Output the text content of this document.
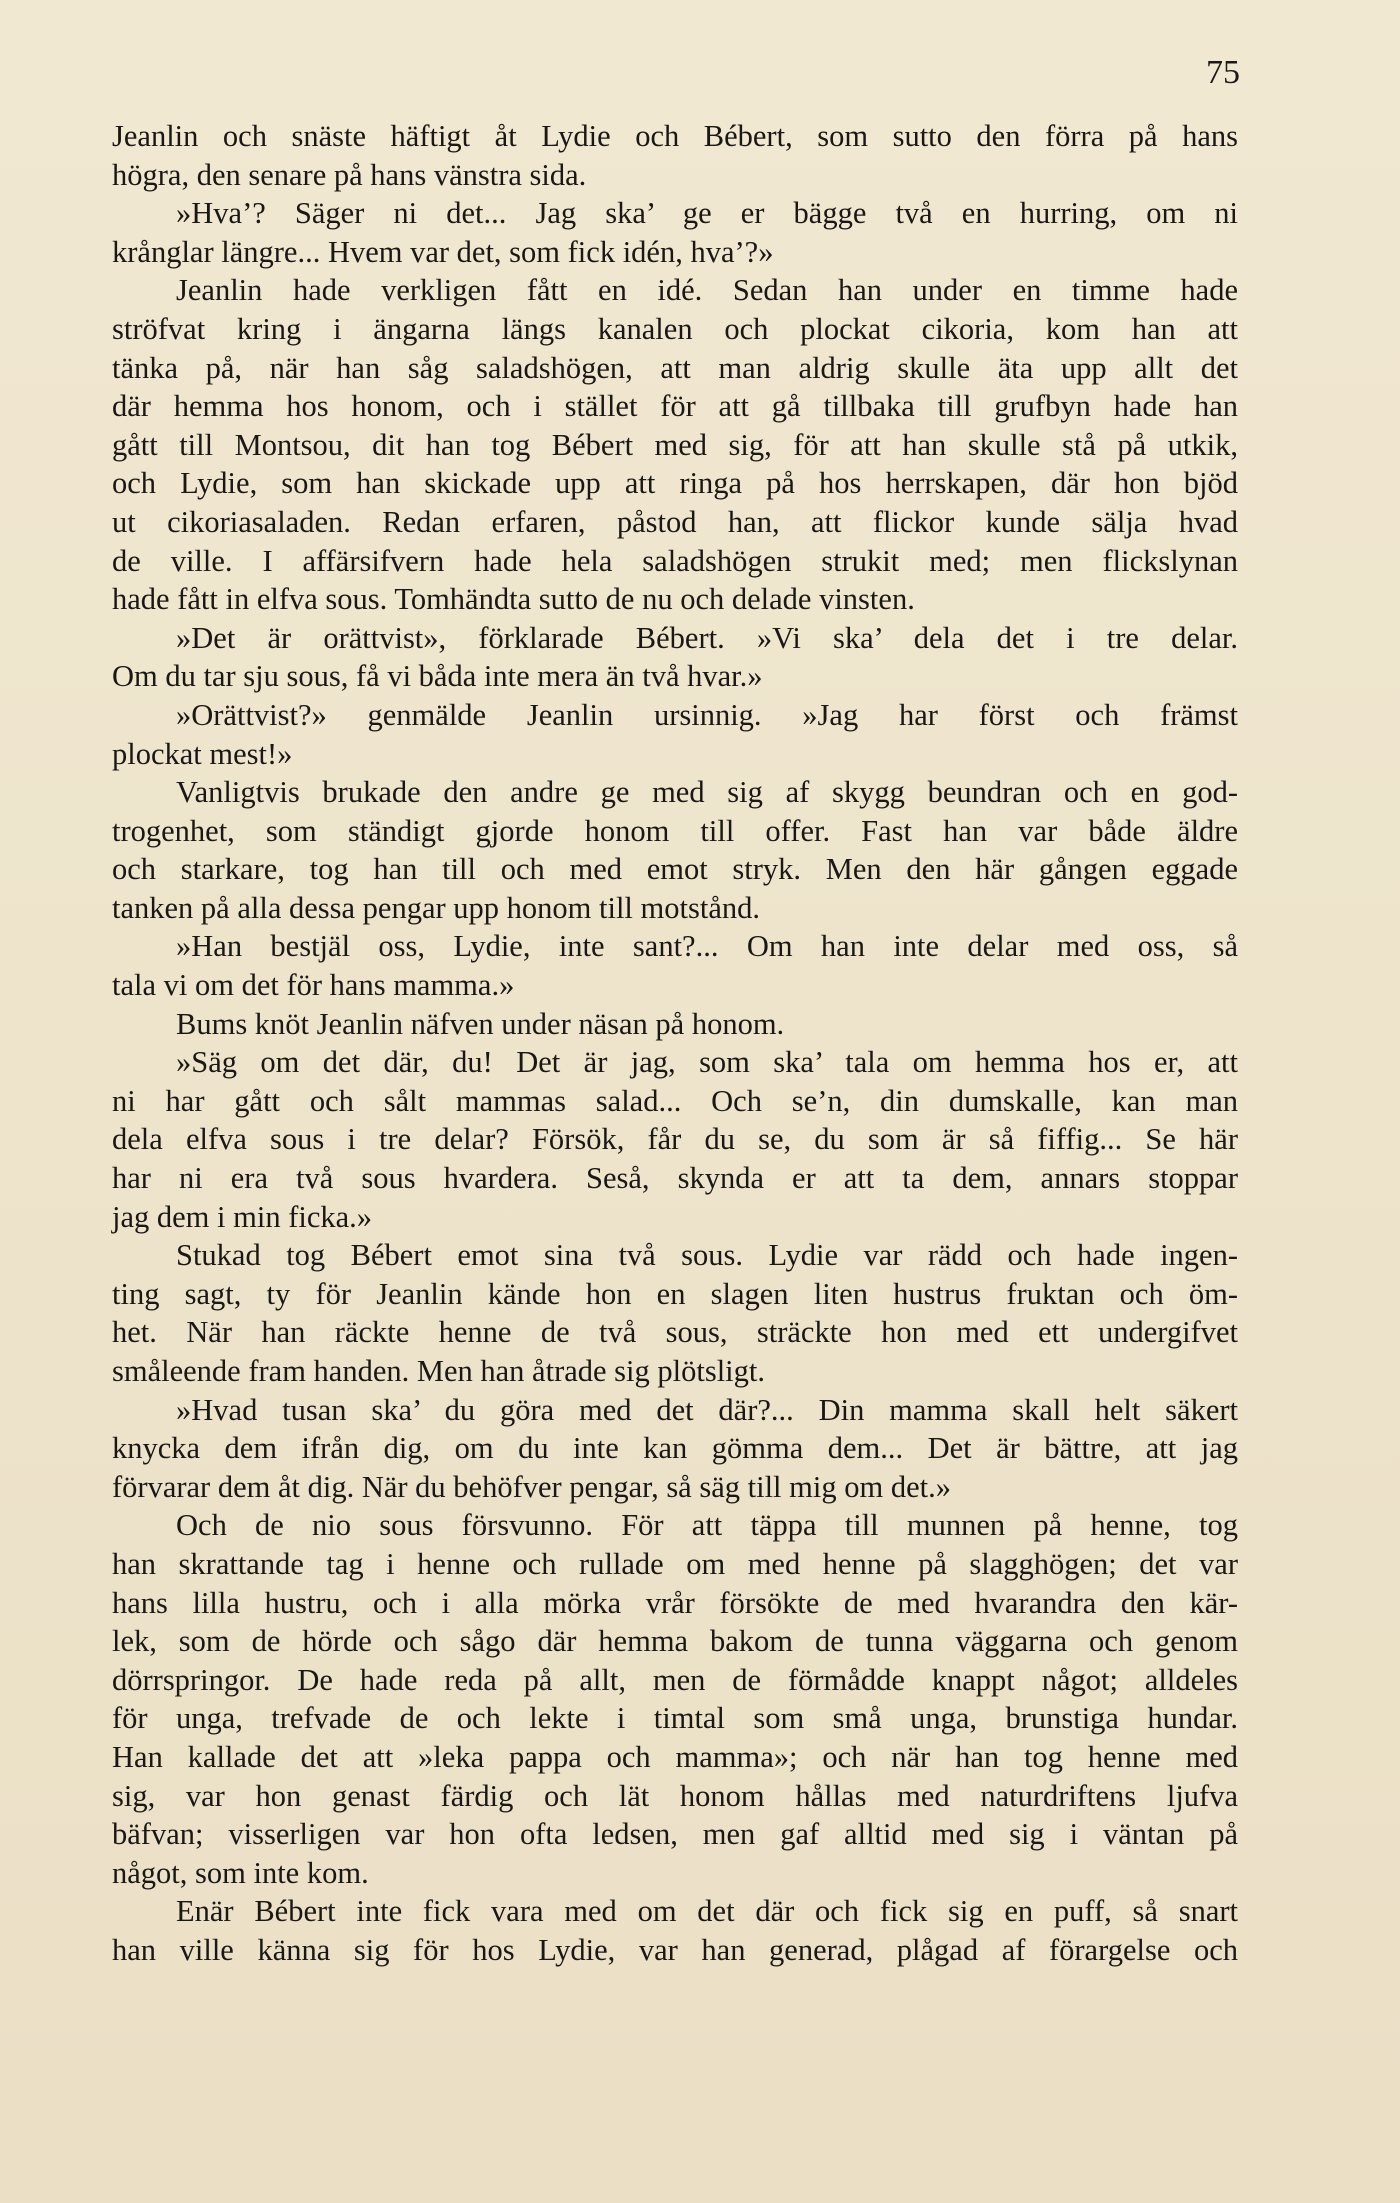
75
Jeanlin och snäste häftigt åt Lydie och Bébert, som sutto den förra på hans
högra, den senare på hans vänstra sida.
»Hva’? Säger ni det... Jag ska’ ge er bägge två en hurring, om ni
krånglar längre... Hvem var det, som fick idén, hva’?»
Jeanlin hade verkligen fått en idé. Sedan han under en timme hade
ströfvat kring i ängarna längs kanalen och plockat cikoria, kom han att
tänka på, när han såg saladshögen, att man aldrig skulle äta upp allt det
där hemma hos honom, och i stället för att gå tillbaka till grufbyn hade han
gått till Montsou, dit han tog Bébert med sig, för att han skulle stå på utkik,
och Lydie, som han skickade upp att ringa på hos herrskapen, där hon bjöd
ut cikoriasaladen. Redan erfaren, påstod han, att flickor kunde sälja hvad
de ville. I affärsifvern hade hela saladshögen strukit med; men flickslynan
hade fått in elfva sous. Tomhändta sutto de nu och delade vinsten.
»Det är orättvist», förklarade Bébert. »Vi ska’ dela det i tre delar.
Om du tar sju sous, få vi båda inte mera än två hvar.»
»Orättvist?» genmälde Jeanlin ursinnig. »Jag har först och främst
plockat mest!»
Vanligtvis brukade den andre ge med sig af skygg beundran och en god-
trogenhet, som ständigt gjorde honom till offer. Fast han var både äldre
och starkare, tog han till och med emot stryk. Men den här gången eggade
tanken på alla dessa pengar upp honom till motstånd.
»Han bestjäl oss, Lydie, inte sant?... Om han inte delar med oss, så
tala vi om det för hans mamma.»
Bums knöt Jeanlin näfven under näsan på honom.
»Säg om det där, du! Det är jag, som ska’ tala om hemma hos er, att
ni har gått och sålt mammas salad... Och se’n, din dumskalle, kan man
dela elfva sous i tre delar? Försök, får du se, du som är så fiffig... Se här
har ni era två sous hvardera. Seså, skynda er att ta dem, annars stoppar
jag dem i min ficka.»
Stukad tog Bébert emot sina två sous. Lydie var rädd och hade ingen-
ting sagt, ty för Jeanlin kände hon en slagen liten hustrus fruktan och öm-
het. När han räckte henne de två sous, sträckte hon med ett undergifvet
småleende fram handen. Men han åtrade sig plötsligt.
»Hvad tusan ska’ du göra med det där?... Din mamma skall helt säkert
knycka dem ifrån dig, om du inte kan gömma dem... Det är bättre, att jag
förvarar dem åt dig. När du behöfver pengar, så säg till mig om det.»
Och de nio sous försvunno. För att täppa till munnen på henne, tog
han skrattande tag i henne och rullade om med henne på slagghögen; det var
hans lilla hustru, och i alla mörka vrår försökte de med hvarandra den kär-
lek, som de hörde och sågo där hemma bakom de tunna väggarna och genom
dörrspringor. De hade reda på allt, men de förmådde knappt något; alldeles
för unga, trefvade de och lekte i timtal som små unga, brunstiga hundar.
Han kallade det att »leka pappa och mamma»; och när han tog henne med
sig, var hon genast färdig och lät honom hållas med naturdriftens ljufva
bäfvan; visserligen var hon ofta ledsen, men gaf alltid med sig i väntan på
något, som inte kom.
Enär Bébert inte fick vara med om det där och fick sig en puff, så snart
han ville känna sig för hos Lydie, var han generad, plågad af förargelse och
